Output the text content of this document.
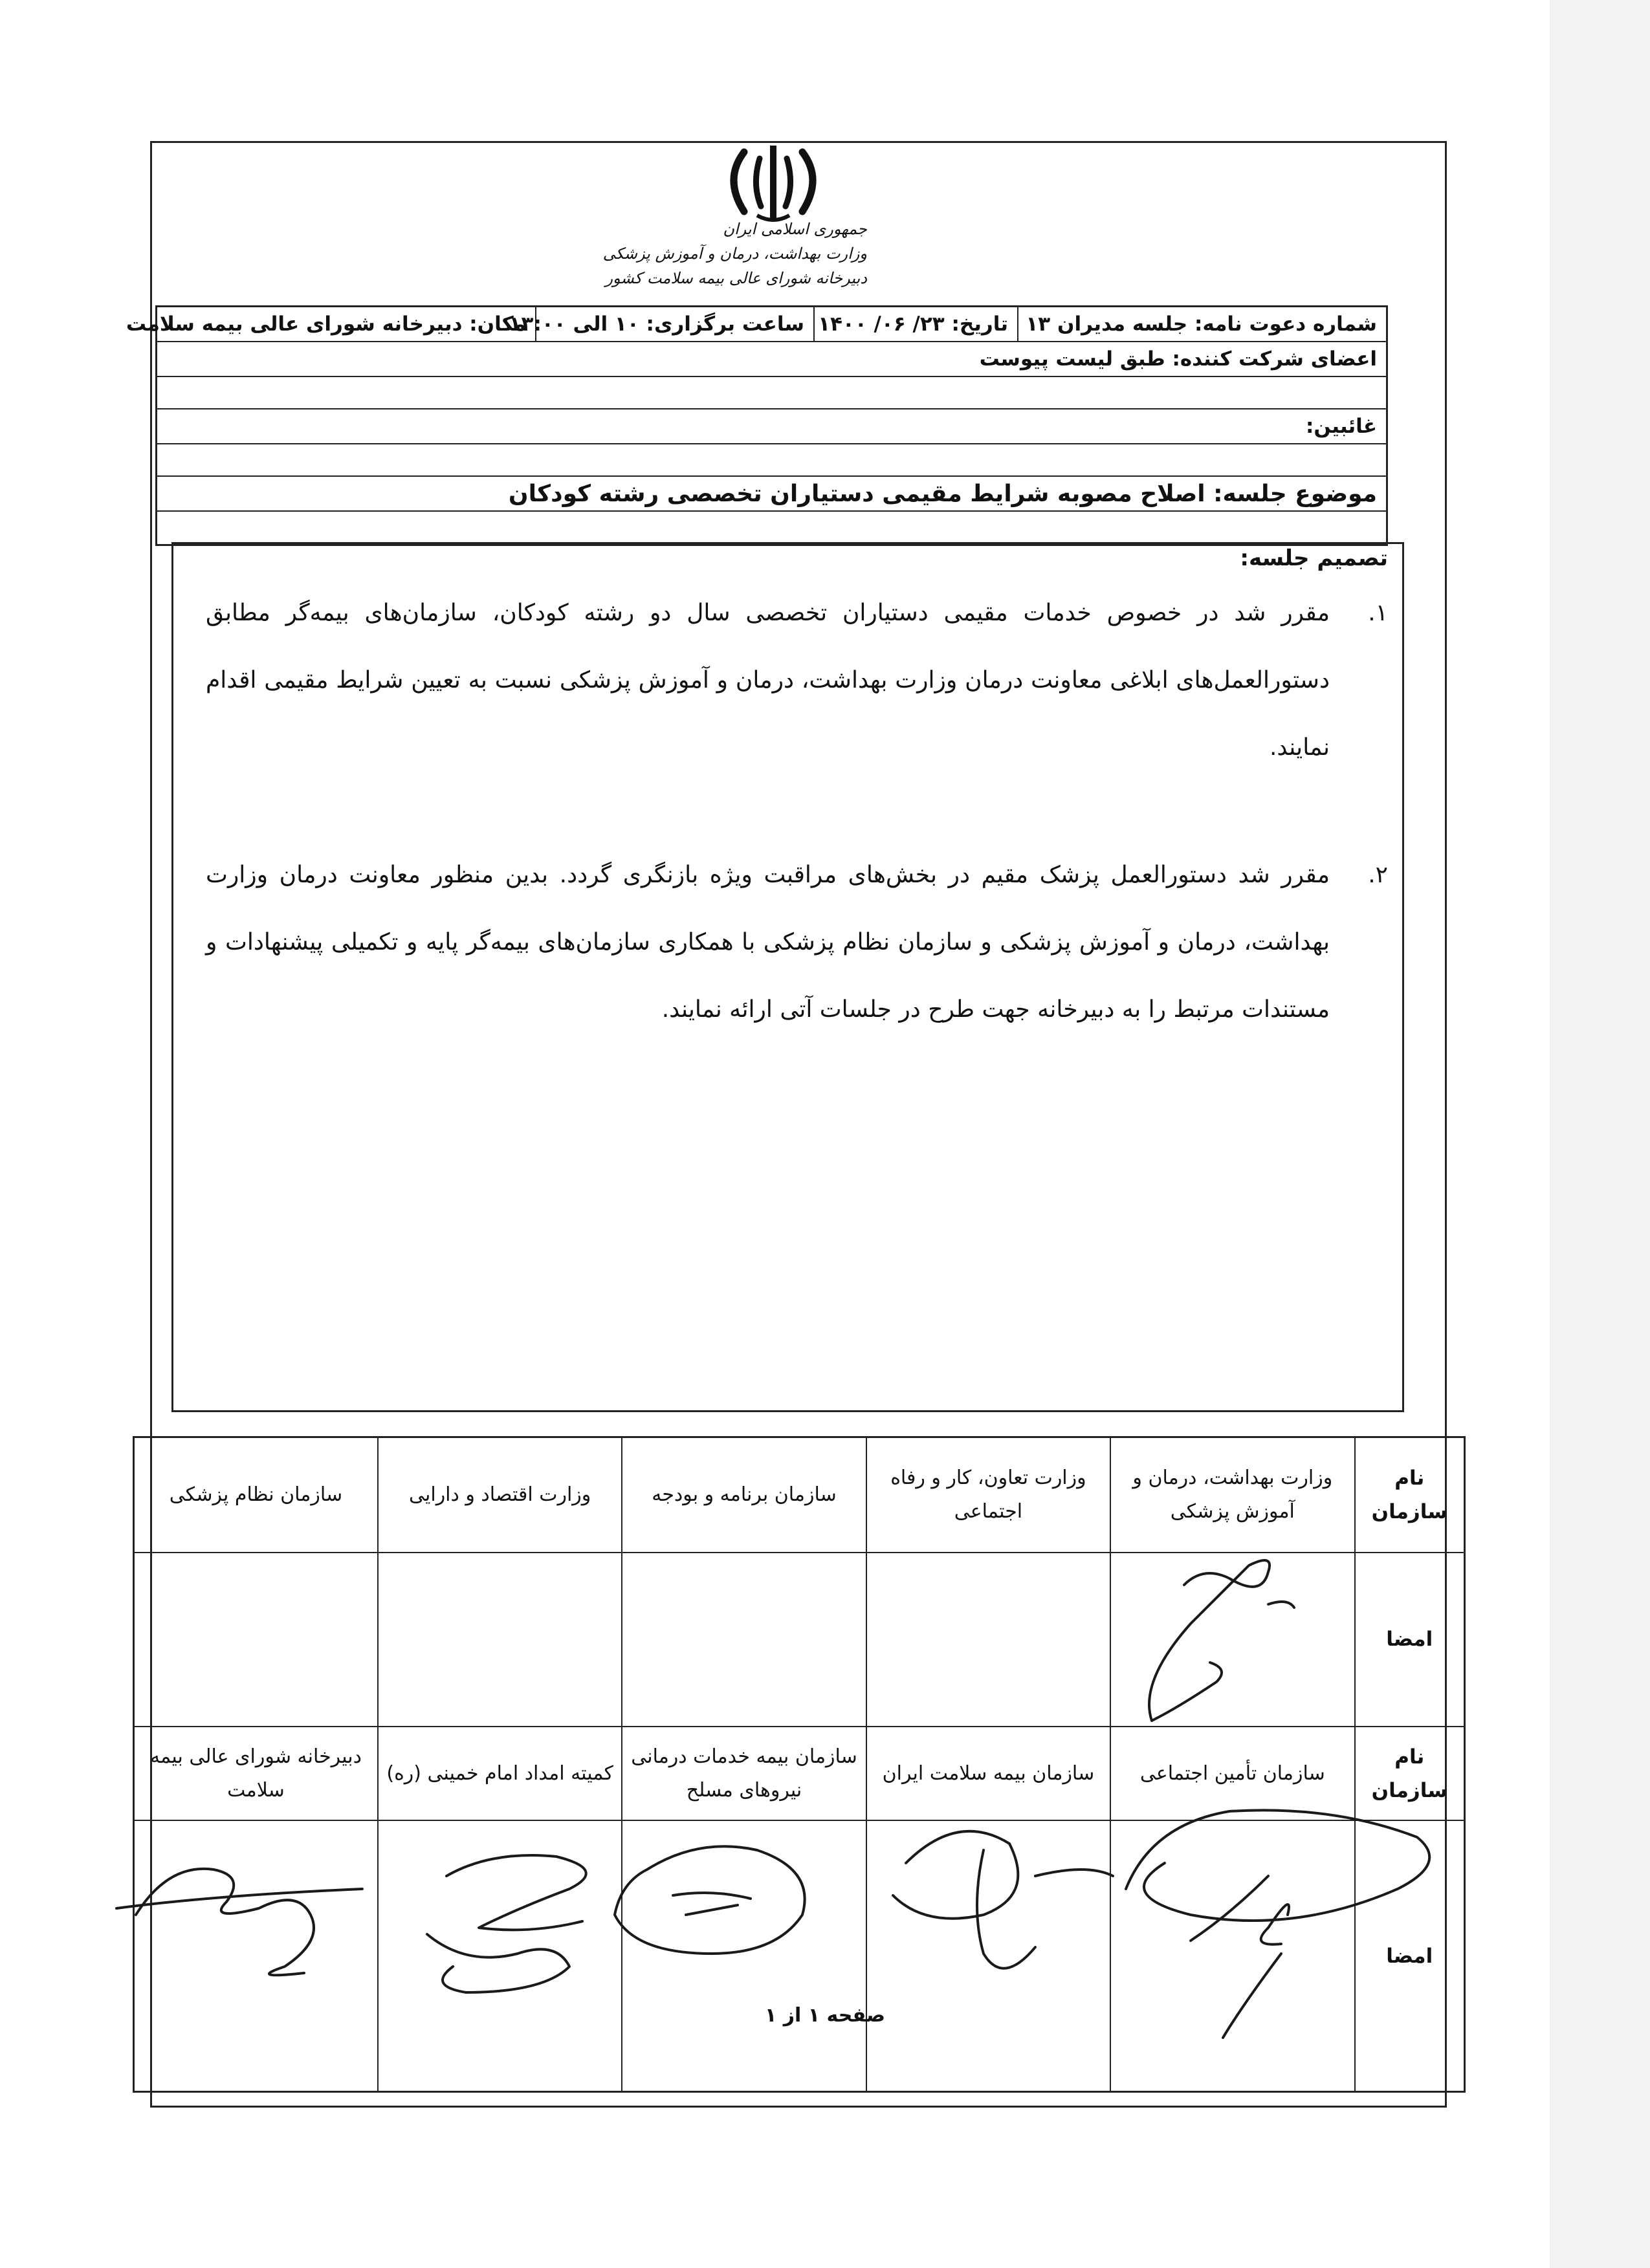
جمهوری اسلامی ایران
وزارت بهداشت، درمان و آموزش پزشکی
دبیرخانه شورای عالی بیمه سلامت کشور
شماره دعوت نامه: جلسه مدیران ۱۳
تاریخ: ۲۳/ ۰۶/ ۱۴۰۰
ساعت برگزاری: ۱۰ الی ۱۳:۰۰
مکان: دبیرخانه شورای عالی بیمه سلامت
اعضای شرکت کننده: طبق لیست پیوست
غائبین:
موضوع جلسه: اصلاح مصوبه شرایط مقیمی دستیاران تخصصی رشته کودکان
تصمیم جلسه:
۱.
مقرر شد در خصوص خدمات مقیمی دستیاران تخصصی سال دو رشته کودکان، سازمان‌های بیمه‌گر مطابق دستورالعمل‌های ابلاغی معاونت درمان وزارت بهداشت، درمان و آموزش پزشکی نسبت به تعیین شرایط مقیمی اقدام نمایند.
۲.
مقرر شد دستورالعمل پزشک مقیم در بخش‌های مراقبت ویژه بازنگری گردد. بدین منظور معاونت درمان وزارت بهداشت، درمان و آموزش پزشکی و سازمان نظام پزشکی با همکاری سازمان‌های بیمه‌گر پایه و تکمیلی پیشنهادات و مستندات مرتبط را به دبیرخانه جهت طرح در جلسات آتی ارائه نمایند.
نام سازمان	وزارت بهداشت، درمان و آموزش پزشکی	وزارت تعاون، کار و رفاه اجتماعی	سازمان برنامه و بودجه	وزارت اقتصاد و دارایی	سازمان نظام پزشکی
امضا					
نام سازمان	سازمان تأمین اجتماعی	سازمان بیمه سلامت ایران	سازمان بیمه خدمات درمانی نیروهای مسلح	کمیته امداد امام خمینی (ره)	دبیرخانه شورای عالی بیمه سلامت
امضا					
صفحه ۱ از ۱
